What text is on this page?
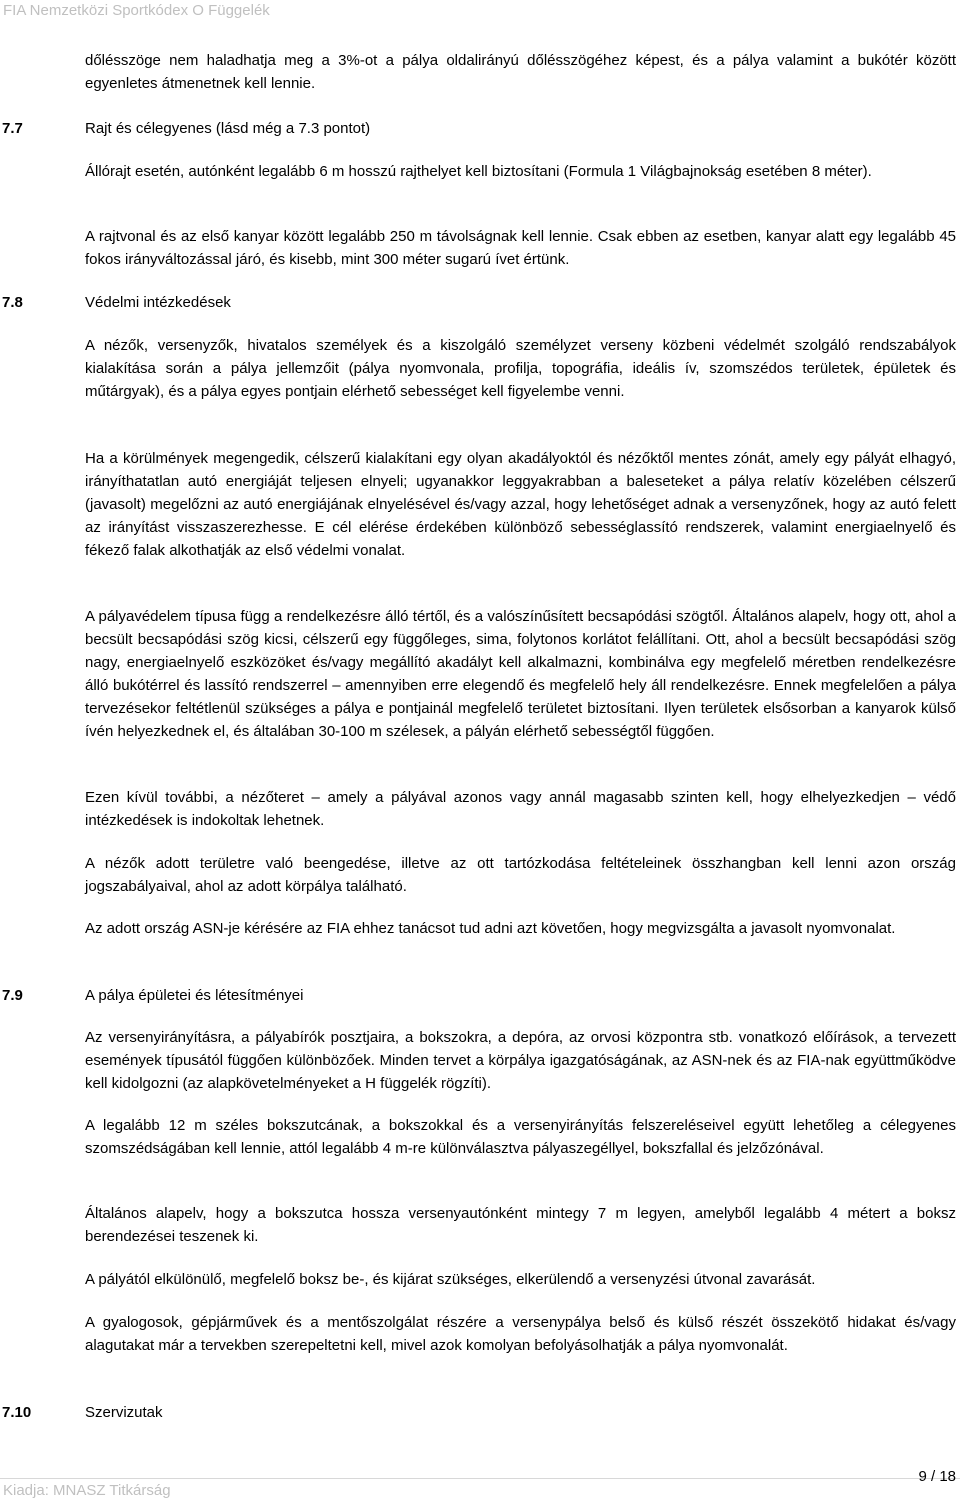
FIA Nemzetközi Sportkódex O Függelék

dőlésszöge nem haladhatja meg a 3%-ot a pálya oldalirányú dőlésszögéhez képest, és a pálya valamint a bukótér között egyenletes átmenetnek kell lennie.

7.7	Rajt és célegyenes (lásd még a 7.3 pontot)

Állórajt esetén, autónként legalább 6 m hosszú rajthelyet kell biztosítani (Formula 1 Világbajnokság esetében 8 méter).

A rajtvonal és az első kanyar között legalább 250 m távolságnak kell lennie. Csak ebben az esetben, kanyar alatt egy legalább 45 fokos irányváltozással járó, és kisebb, mint 300 méter sugarú ívet értünk.

7.8	Védelmi intézkedések

A nézők, versenyzők, hivatalos személyek és a kiszolgáló személyzet verseny közbeni védelmét szolgáló rendszabályok kialakítása során a pálya jellemzőit (pálya nyomvonala, profilja, topográfia, ideális ív, szomszédos területek, épületek és műtárgyak), és a pálya egyes pontjain elérhető sebességet kell figyelembe venni.

Ha a körülmények megengedik, célszerű kialakítani egy olyan akadályoktól és nézőktől mentes zónát, amely egy pályát elhagyó, irányíthatatlan autó energiáját teljesen elnyeli; ugyanakkor leggyakrabban a baleseteket a pálya relatív közelében célszerű (javasolt) megelőzni az autó energiájának elnyelésével és/vagy azzal, hogy lehetőséget adnak a versenyzőnek, hogy az autó felett az irányítást visszaszerezhesse. E cél elérése érdekében különböző sebességlassító rendszerek, valamint energiaelnyelő és fékező falak alkothatják az első védelmi vonalat.

A pályavédelem típusa függ a rendelkezésre álló tértől, és a valószínűsített becsapódási szögtől. Általános alapelv, hogy ott, ahol a becsült becsapódási szög kicsi, célszerű egy függőleges, sima, folytonos korlátot felállítani. Ott, ahol a becsült becsapódási szög nagy, energiaelnyelő eszközöket és/vagy megállító akadályt kell alkalmazni, kombinálva egy megfelelő méretben rendelkezésre álló bukótérrel és lassító rendszerrel – amennyiben erre elegendő és megfelelő hely áll rendelkezésre. Ennek megfelelően a pálya tervezésekor feltétlenül szükséges a pálya e pontjainál megfelelő területet biztosítani. Ilyen területek elsősorban a kanyarok külső ívén helyezkednek el, és általában 30-100 m szélesek, a pályán elérhető sebességtől függően.

Ezen kívül további, a nézőteret – amely a pályával azonos vagy annál magasabb szinten kell, hogy elhelyezkedjen – védő intézkedések is indokoltak lehetnek.

A nézők adott területre való beengedése, illetve az ott tartózkodása feltételeinek összhangban kell lenni azon ország jogszabályaival, ahol az adott körpálya található.

Az adott ország ASN-je kérésére az FIA ehhez tanácsot tud adni azt követően, hogy megvizsgálta a javasolt nyomvonalat.

7.9	A pálya épületei és létesítményei

Az versenyirányításra, a pályabírók posztjaira, a bokszokra, a depóra, az orvosi központra stb. vonatkozó előírások, a tervezett események típusától függően különbözőek. Minden tervet a körpálya igazgatóságának, az ASN-nek és az FIA-nak együttműködve kell kidolgozni (az alapkövetelményeket a H függelék rögzíti).

A legalább 12 m széles bokszutcának, a bokszokkal és a versenyirányítás felszereléseivel együtt lehetőleg a célegyenes szomszédságában kell lennie, attól legalább 4 m-re különválasztva pályaszegéllyel, bokszfallal és jelzőzónával.

Általános alapelv, hogy a bokszutca hossza versenyautónként mintegy 7 m legyen, amelyből legalább 4 métert a boksz berendezései teszenek ki.

A pályától elkülönülő, megfelelő boksz be-, és kijárat szükséges, elkerülendő a versenyzési útvonal zavarását.

A gyalogosok, gépjárművek és a mentőszolgálat részére a versenypálya belső és külső részét összekötő hidakat és/vagy alagutakat már a tervekben szerepeltetni kell, mivel azok komolyan befolyásolhatják a pálya nyomvonalát.

7.10	Szervizutak
Kiadja: MNASZ Titkárság
9 / 18
